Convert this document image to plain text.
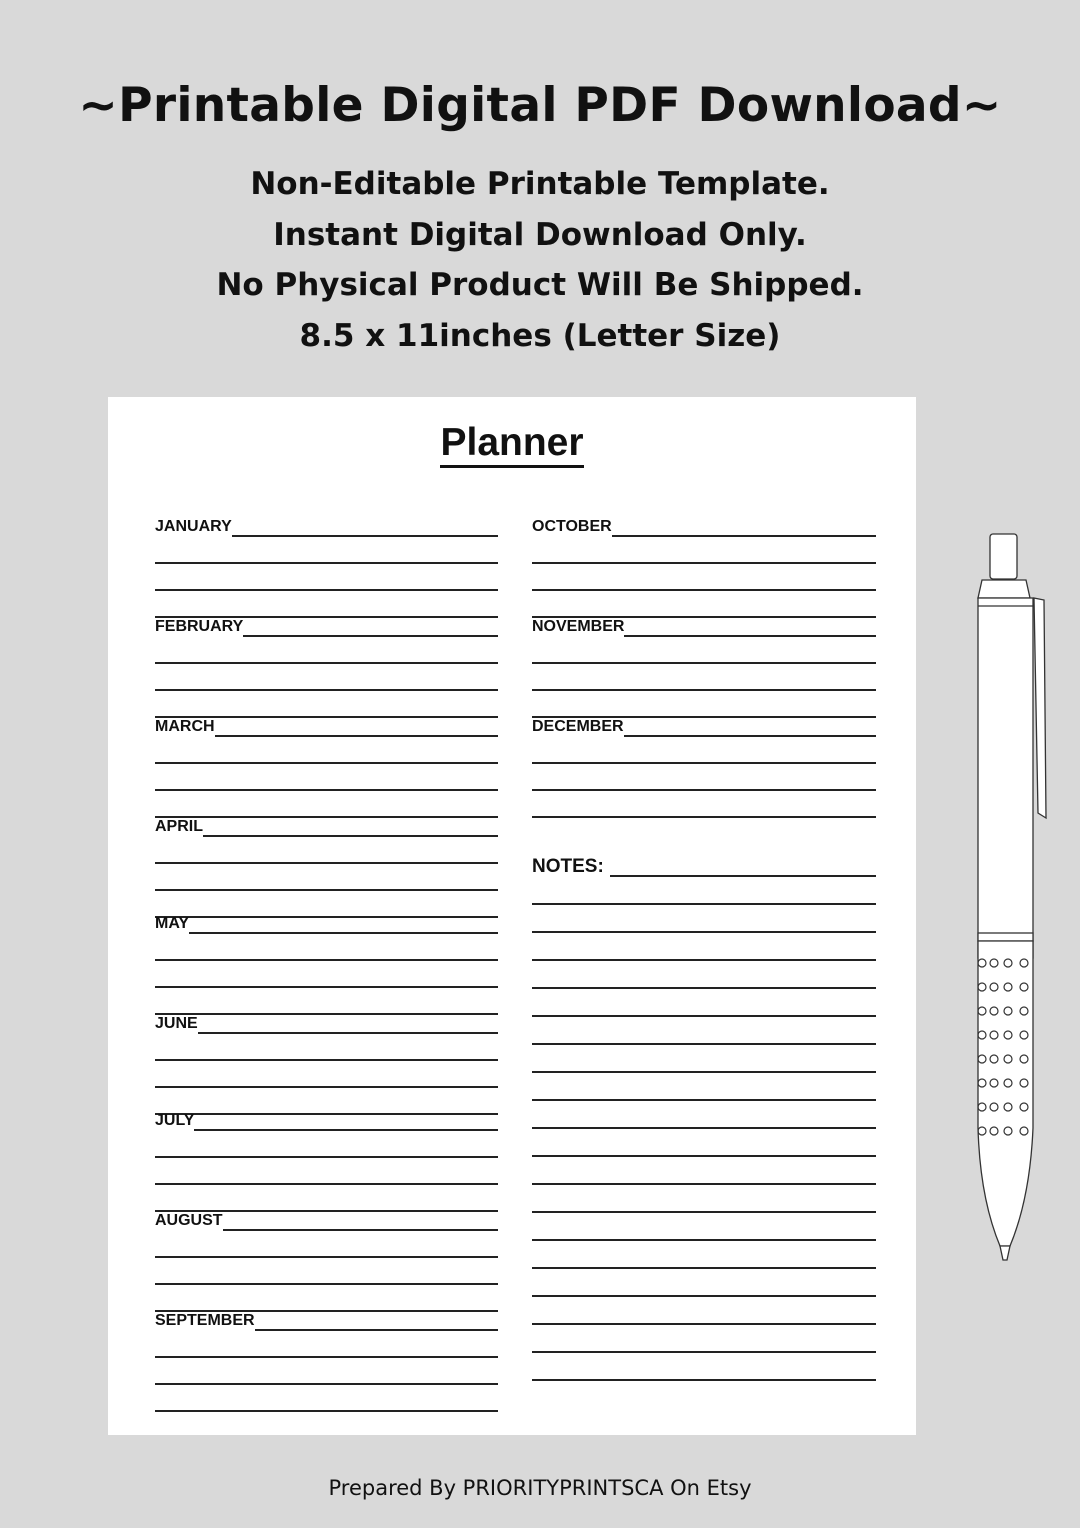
~Printable Digital PDF Download~
Non-Editable Printable Template.
Instant Digital Download Only.
No Physical Product Will Be Shipped.
8.5 x 11inches (Letter Size)
Planner
JANUARY
FEBRUARY
MARCH
APRIL
MAY
JUNE
JULY
AUGUST
SEPTEMBER
OCTOBER
NOVEMBER
DECEMBER
NOTES:
Prepared By PRIORITYPRINTSCA On Etsy
